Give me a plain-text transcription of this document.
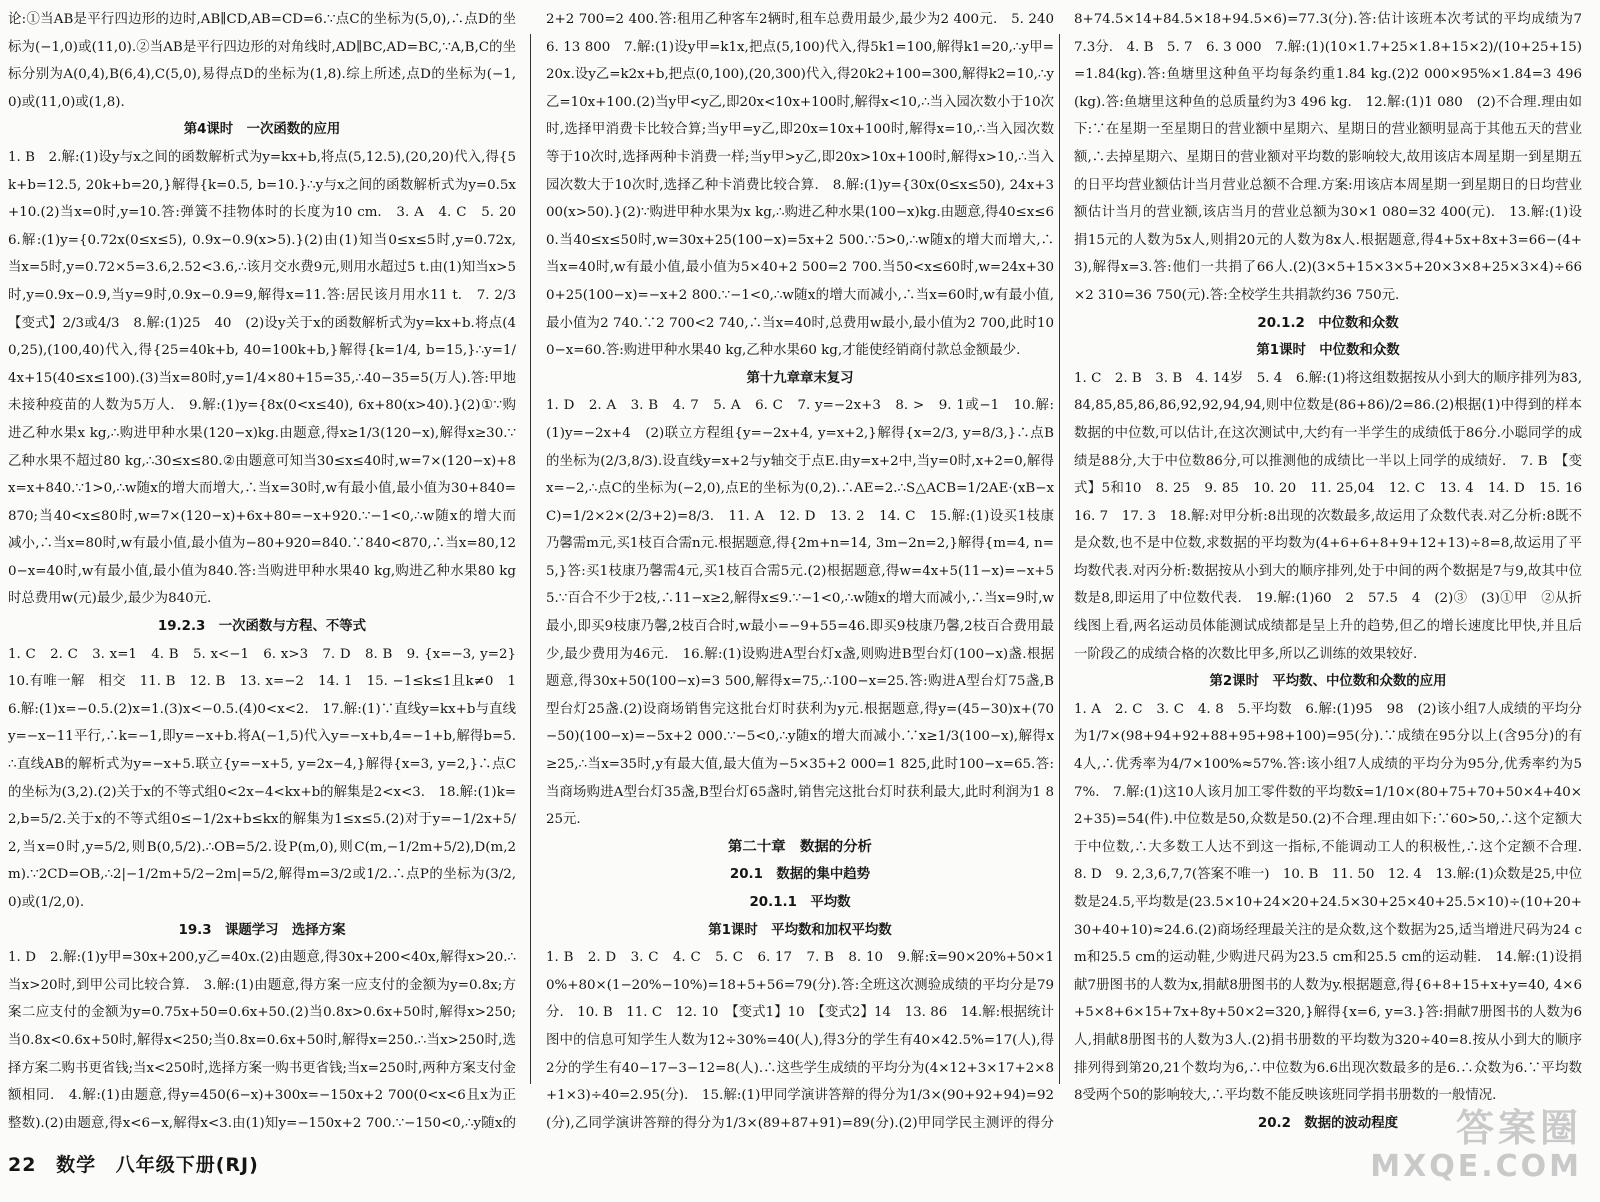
论:①当AB是平行四边形的边时,AB∥CD,AB=CD=6.∵点C的坐标为(5,0),∴点D的坐标为(−1,0)或(11,0).②当AB是平行四边形的对角线时,AD∥BC,AD=BC,∵A,B,C的坐标分别为A(0,4),B(6,4),C(5,0),易得点D的坐标为(1,8).综上所述,点D的坐标为(−1,0)或(11,0)或(1,8).

第4课时　一次函数的应用

1. B　2.解:(1)设y与x之间的函数解析式为y=kx+b,将点(5,12.5),(20,20)代入,得{5k+b=12.5, 20k+b=20,}解得{k=0.5, b=10.}∴y与x之间的函数解析式为y=0.5x+10.(2)当x=0时,y=10.答:弹簧不挂物体时的长度为10 cm.　3. A　4. C　5. 20　6.解:(1)y={0.72x(0≤x≤5), 0.9x−0.9(x>5).}(2)由(1)知当0≤x≤5时,y=0.72x,当x=5时,y=0.72×5=3.6,2.52<3.6,∴该月交水费9元,则用水超过5 t.由(1)知当x>5时,y=0.9x−0.9,当y=9时,0.9x−0.9=9,解得x=11.答:居民该月用水11 t.　7. 2/3　【变式】2/3或4/3　8.解:(1)25　40　(2)设y关于x的函数解析式为y=kx+b.将点(40,25),(100,40)代入,得{25=40k+b, 40=100k+b,}解得{k=1/4, b=15,}∴y=1/4x+15(40≤x≤100).(3)当x=80时,y=1/4×80+15=35,∴40−35=5(万人).答:甲地未接种疫苗的人数为5万人.　9.解:(1)y={8x(0<x≤40), 6x+80(x>40).}(2)①∵购进乙种水果x kg,∴购进甲种水果(120−x)kg.由题意,得x≥1/3(120−x),解得x≥30.∵乙种水果不超过80 kg,∴30≤x≤80.②由题意可知当30≤x≤40时,w=7×(120−x)+8x=x+840.∵1>0,∴w随x的增大而增大,∴当x=30时,w有最小值,最小值为30+840=870;当40<x≤80时,w=7×(120−x)+6x+80=−x+920.∵−1<0,∴w随x的增大而减小,∴当x=80时,w有最小值,最小值为−80+920=840.∵840<870,∴当x=80,120−x=40时,w有最小值,最小值为840.答:当购进甲种水果40 kg,购进乙种水果80 kg时总费用w(元)最少,最少为840元.

19.2.3　一次函数与方程、不等式

1. C　2. C　3. x=1　4. B　5. x<−1　6. x>3　7. D　8. B　9. {x=−3, y=2}　10.有唯一解　相交　11. B　12. B　13. x=−2　14. 1　15. −1≤k≤1且k≠0　16.解:(1)x=−0.5.(2)x=1.(3)x<−0.5.(4)0<x<2.　17.解:(1)∵直线y=kx+b与直线y=−x−11平行,∴k=−1,即y=−x+b.将A(−1,5)代入y=−x+b,4=−1+b,解得b=5.∴直线AB的解析式为y=−x+5.联立{y=−x+5, y=2x−4,}解得{x=3, y=2,}∴点C的坐标为(3,2).(2)关于x的不等式组0<2x−4<kx+b的解集是2<x<3.　18.解:(1)k=2,b=5/2.关于x的不等式组0≤−1/2x+b≤kx的解集为1≤x≤5.(2)对于y=−1/2x+5/2,当x=0时,y=5/2,则B(0,5/2).∴OB=5/2.设P(m,0),则C(m,−1/2m+5/2),D(m,2m).∵2CD=OB,∴2|−1/2m+5/2−2m|=5/2,解得m=3/2或1/2.∴点P的坐标为(3/2,0)或(1/2,0).

19.3　课题学习　选择方案

1. D　2.解:(1)y甲=30x+200,y乙=40x.(2)由题意,得30x+200<40x,解得x>20.∴当x>20时,到甲公司比较合算.　3.解:(1)由题意,得方案一应支付的金额为y=0.8x;方案二应支付的金额为y=0.75x+50=0.6x+50.(2)当0.8x>0.6x+50时,解得x>250;当0.8x<0.6x+50时,解得x<250;当0.8x=0.6x+50时,解得x=250.∴当x>250时,选择方案二购书更省钱;当x<250时,选择方案一购书更省钱;当x=250时,两种方案支付金额相同.　4.解:(1)由题意,得y=450(6−x)+300x=−150x+2 700(0<x<6且x为正整数).(2)由题意,得x<6−x,解得x<3.由(1)知y=−150x+2 700.∵−150<0,∴y随x的

2+2 700=2 400.答:租用乙种客车2辆时,租车总费用最少,最少为2 400元.　5. 240　6. 13 800　7.解:(1)设y甲=k1x,把点(5,100)代入,得5k1=100,解得k1=20,∴y甲=20x.设y乙=k2x+b,把点(0,100),(20,300)代入,得20k2+100=300,解得k2=10,∴y乙=10x+100.(2)当y甲<y乙,即20x<10x+100时,解得x<10,∴当入园次数小于10次时,选择甲消费卡比较合算;当y甲=y乙,即20x=10x+100时,解得x=10,∴当入园次数等于10次时,选择两种卡消费一样;当y甲>y乙,即20x>10x+100时,解得x>10,∴当入园次数大于10次时,选择乙种卡消费比较合算.　8.解:(1)y={30x(0≤x≤50), 24x+300(x>50).}(2)∵购进甲种水果为x kg,∴购进乙种水果(100−x)kg.由题意,得40≤x≤60.当40≤x≤50时,w=30x+25(100−x)=5x+2 500.∵5>0,∴w随x的增大而增大,∴当x=40时,w有最小值,最小值为5×40+2 500=2 700.当50<x≤60时,w=24x+300+25(100−x)=−x+2 800.∵−1<0,∴w随x的增大而减小,∴当x=60时,w有最小值,最小值为2 740.∵2 700<2 740,∴当x=40时,总费用w最小,最小值为2 700,此时100−x=60.答:购进甲种水果40 kg,乙种水果60 kg,才能使经销商付款总金额最少.

第十九章章末复习

1. D　2. A　3. B　4. 7　5. A　6. C　7. y=−2x+3　8. >　9. 1或−1　10.解:(1)y=−2x+4　(2)联立方程组{y=−2x+4, y=x+2,}解得{x=2/3, y=8/3,}∴点B的坐标为(2/3,8/3).设直线y=x+2与y轴交于点E.由y=x+2中,当y=0时,x+2=0,解得x=−2,∴点C的坐标为(−2,0),点E的坐标为(0,2).∴AE=2.∴S△ACB=1/2AE·(xB−xC)=1/2×2×(2/3+2)=8/3.　11. A　12. D　13. 2　14. C　15.解:(1)设买1枝康乃馨需m元,买1枝百合需n元.根据题意,得{2m+n=14, 3m−2n=2,}解得{m=4, n=5,}答:买1枝康乃馨需4元,买1枝百合需5元.(2)根据题意,得w=4x+5(11−x)=−x+55.∵百合不少于2枝,∴11−x≥2,解得x≤9.∵−1<0,∴w随x的增大而减小,∴当x=9时,w最小,即买9枝康乃馨,2枝百合时,w最小=−9+55=46.即买9枝康乃馨,2枝百合费用最少,最少费用为46元.　16.解:(1)设购进A型台灯x盏,则购进B型台灯(100−x)盏.根据题意,得30x+50(100−x)=3 500,解得x=75,∴100−x=25.答:购进A型台灯75盏,B型台灯25盏.(2)设商场销售完这批台灯时获利为y元.根据题意,得y=(45−30)x+(70−50)(100−x)=−5x+2 000.∵−5<0,∴y随x的增大而减小.∵x≥1/3(100−x),解得x≥25,∴当x=35时,y有最大值,最大值为−5×35+2 000=1 825,此时100−x=65.答:当商场购进A型台灯35盏,B型台灯65盏时,销售完这批台灯时获利最大,此时利润为1 825元.

第二十章　数据的分析
20.1　数据的集中趋势
20.1.1　平均数
第1课时　平均数和加权平均数

1. B　2. D　3. C　4. C　5. C　6. 17　7. B　8. 10　9.解:x̄=90×20%+50×10%+80×(1−20%−10%)=18+5+56=79(分).答:全班这次测验成绩的平均分是79分.　10. B　11. C　12. 10　【变式1】10　【变式2】14　13. 86　14.解:根据统计图中的信息可知学生人数为12÷30%=40(人),得3分的学生有40×42.5%=17(人),得2分的学生有40−17−3−12=8(人).∴这些学生成绩的平均分为(4×12+3×17+2×8+1×3)÷40=2.95(分).　15.解:(1)甲同学演讲答辩的得分为1/3×(90+92+94)=92(分),乙同学演讲答辩的得分为1/3×(89+87+91)=89(分).(2)甲同学民主测评的得分

8+74.5×14+84.5×18+94.5×6)=77.3(分).答:估计该班本次考试的平均成绩为77.3分.　4. B　5. 7　6. 3 000　7.解:(1)(10×1.7+25×1.8+15×2)/(10+25+15)=1.84(kg).答:鱼塘里这种鱼平均每条约重1.84 kg.(2)2 000×95%×1.84=3 496(kg).答:鱼塘里这种鱼的总质量约为3 496 kg.　12.解:(1)1 080　(2)不合理.理由如下:∵在星期一至星期日的营业额中星期六、星期日的营业额明显高于其他五天的营业额,∴去掉星期六、星期日的营业额对平均数的影响较大,故用该店本周星期一到星期五的日平均营业额估计当月营业总额不合理.方案:用该店本周星期一到星期日的日均营业额估计当月的营业额,该店当月的营业总额为30×1 080=32 400(元).　13.解:(1)设捐15元的人数为5x人,则捐20元的人数为8x人.根据题意,得4+5x+8x+3=66−(4+3),解得x=3.答:他们一共捐了66人.(2)(3×5+15×3×5+20×3×8+25×3×4)÷66×2 310=36 750(元).答:全校学生共捐款约36 750元.

20.1.2　中位数和众数
第1课时　中位数和众数

1. C　2. B　3. B　4. 14岁　5. 4　6.解:(1)将这组数据按从小到大的顺序排列为83,84,85,85,86,86,92,92,94,94,则中位数是(86+86)/2=86.(2)根据(1)中得到的样本数据的中位数,可以估计,在这次测试中,大约有一半学生的成绩低于86分.小聪同学的成绩是88分,大于中位数86分,可以推测他的成绩比一半以上同学的成绩好.　7. B　【变式】5和10　8. 25　9. 85　10. 20　11. 25,04　12. C　13. 4　14. D　15. 16　16. 7　17. 3　18.解:对甲分析:8出现的次数最多,故运用了众数代表.对乙分析:8既不是众数,也不是中位数,求数据的平均数为(4+6+6+8+9+12+13)÷8=8,故运用了平均数代表.对丙分析:数据按从小到大的顺序排列,处于中间的两个数据是7与9,故其中位数是8,即运用了中位数代表.　19.解:(1)60　2　57.5　4　(2)③　(3)①甲　②从折线图上看,两名运动员体能测试成绩都是呈上升的趋势,但乙的增长速度比甲快,并且后一阶段乙的成绩合格的次数比甲多,所以乙训练的效果较好.

第2课时　平均数、中位数和众数的应用

1. A　2. C　3. C　4. 8　5.平均数　6.解:(1)95　98　(2)该小组7人成绩的平均分为1/7×(98+94+92+88+95+98+100)=95(分).∵成绩在95分以上(含95分)的有4人,∴优秀率为4/7×100%≈57%.答:该小组7人成绩的平均分为95分,优秀率约为57%.　7.解:(1)这10人该月加工零件数的平均数x̄=1/10×(80+75+70+50×4+40×2+35)=54(件).中位数是50,众数是50.(2)不合理.理由如下:∵60>50,∴这个定额大于中位数,∴大多数工人达不到这一指标,不能调动工人的积极性,∴这个定额不合理.　8. D　9. 2,3,6,7,7(答案不唯一)　10. B　11. 50　12. 4　13.解:(1)众数是25,中位数是24.5,平均数是(23.5×10+24×20+24.5×30+25×40+25.5×10)÷(10+20+30+40+10)≈24.6.(2)商场经理最关注的是众数,这个数据为25,适当增进尺码为24 cm和25.5 cm的运动鞋,少购进尺码为23.5 cm和25.5 cm的运动鞋.　14.解:(1)设捐献7册图书的人数为x,捐献8册图书的人数为y.根据题意,得{6+8+15+x+y=40, 4×6+5×8+6×15+7x+8y+50×2=320,}解得{x=6, y=3.}答:捐献7册图书的人数为6人,捐献8册图书的人数为3人.(2)捐书册数的平均数为320÷40=8.按从小到大的顺序排列得到第20,21个数均为6,∴中位数为6.6出现次数最多的是6.∴众数为6.∵平均数8受两个50的影响较大,∴平均数不能反映该班同学捐书册数的一般情况.

20.2　数据的波动程度

22 数学 八年级下册(RJ)
答案圈
MXQE.COM
